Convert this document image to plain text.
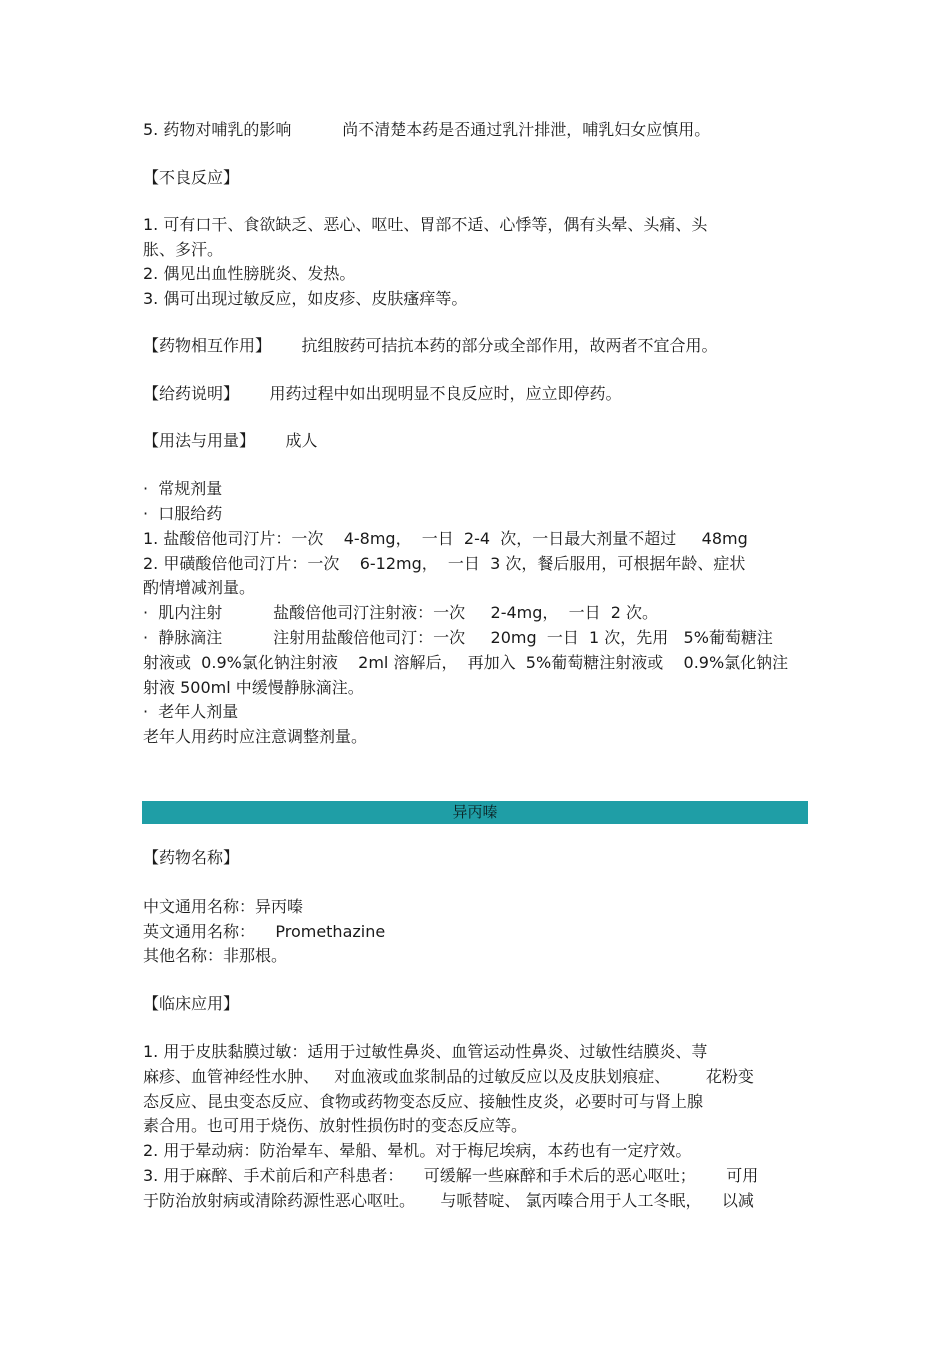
5. 药物对哺乳的影响          尚不清楚本药是否通过乳汁排泄，哺乳妇女应慎用。
【不良反应】
1. 可有口干、食欲缺乏、恶心、呕吐、胃部不适、心悸等，偶有头晕、头痛、头
胀、多汗。
2. 偶见出血性膀胱炎、发热。
3. 偶可出现过敏反应，如皮疹、皮肤瘙痒等。
【药物相互作用】      抗组胺药可拮抗本药的部分或全部作用，故两者不宜合用。
【给药说明】      用药过程中如出现明显不良反应时，应立即停药。
【用法与用量】      成人
·  常规剂量
·  口服给药
1. 盐酸倍他司汀片：一次    4-8mg，  一日  2-4  次，一日最大剂量不超过     48mg
2. 甲磺酸倍他司汀片：一次    6-12mg，  一日  3 次，餐后服用，可根据年龄、症状
酌情增减剂量。
·  肌内注射          盐酸倍他司汀注射液：一次     2-4mg，  一日  2 次。
·  静脉滴注          注射用盐酸倍他司汀：一次     20mg  一日  1 次，先用   5%葡萄糖注
射液或  0.9%氯化钠注射液    2ml 溶解后，  再加入  5%葡萄糖注射液或    0.9%氯化钠注
射液 500ml 中缓慢静脉滴注。
·  老年人剂量
老年人用药时应注意调整剂量。
异丙嗪
【药物名称】
中文通用名称：异丙嗪
英文通用名称：    Promethazine
其他名称：非那根。
【临床应用】
1. 用于皮肤黏膜过敏：适用于过敏性鼻炎、血管运动性鼻炎、过敏性结膜炎、荨
麻疹、血管神经性水肿、   对血液或血浆制品的过敏反应以及皮肤划痕症、       花粉变
态反应、昆虫变态反应、食物或药物变态反应、接触性皮炎，必要时可与肾上腺
素合用。也可用于烧伤、放射性损伤时的变态反应等。
2. 用于晕动病：防治晕车、晕船、晕机。对于梅尼埃病，本药也有一定疗效。
3. 用于麻醉、手术前后和产科患者：    可缓解一些麻醉和手术后的恶心呕吐；      可用
于防治放射病或清除药源性恶心呕吐。     与哌替啶、 氯丙嗪合用于人工冬眠，    以减
